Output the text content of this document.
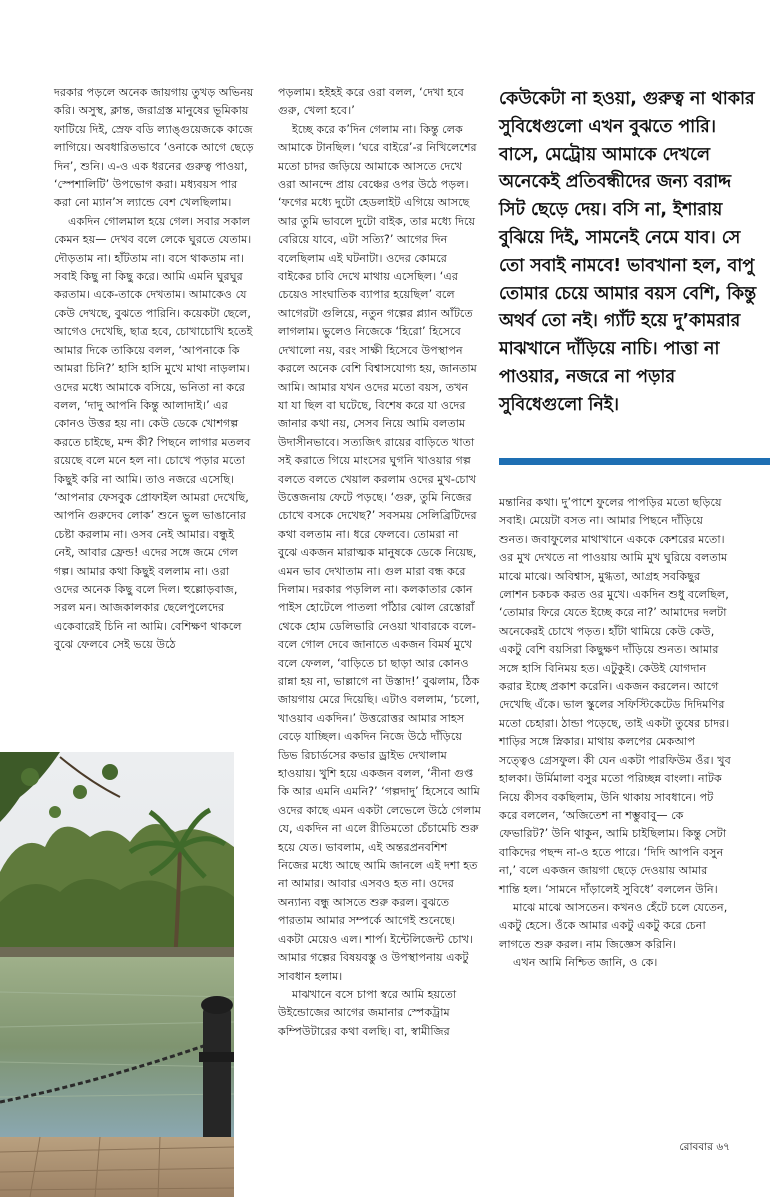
দরকার পড়লে অনেক জায়গায় তুখড় অভিনয় করি। অসুস্থ, ক্লান্ত, জরাগ্রস্ত মানুষের ভূমিকায় ফাটিয়ে দিই, স্রেফ বডি ল্যাঙ্গুয়েজকে কাজে লাগিয়ে। অবধারিতভাবে ‘ওনাকে আগে ছেড়ে দিন’, শুনি। এ-ও এক ধরনের গুরুত্ব পাওয়া, ‘স্পেশালিটি’ উপভোগ করা। মধ্যবয়স পার করা নো ম্যান’স ল্যান্ডে বেশ খেলছিলাম।

একদিন গোলমাল হয়ে গেল। সবার সকাল কেমন হয়— দেখব বলে লেকে ঘুরতে যেতাম। দৌড়তাম না। হাঁটতাম না। বসে থাকতাম না। সবাই কিছু না কিছু করে। আমি এমনি ঘুরঘুর করতাম। একে-তাকে দেখতাম। আমাকেও যে কেউ দেখছে, বুঝতে পারিনি। কয়েকটা ছেলে, আগেও দেখেছি, ছাত্র হবে, চোখাচোখি হতেই আমার দিকে তাকিয়ে বলল, ‘আপনাকে কি আমরা চিনি?’ হাসি হাসি মুখে মাথা নাড়লাম। ওদের মধ্যে আমাকে বসিয়ে, ভনিতা না করে বলল, ‘দাদু আপনি কিন্তু আলাদাই।’ এর কোনও উত্তর হয় না। কেউ ডেকে খোশগল্প করতে চাইছে, মন্দ কী? পিছনে লাগার মতলব রয়েছে বলে মনে হল না। চোখে পড়ার মতো কিছুই করি না আমি। তাও নজরে এসেছি। ‘আপনার ফেসবুক প্রোফাইল আমরা দেখেছি, আপনি গুরুদেব লোক’ শুনে ভুল ভাঙানোর চেষ্টা করলাম না। ওসব নেই আমার। বন্ধুই নেই, আবার ফ্রেন্ড! এদের সঙ্গে জমে গেল গল্প। আমার কথা কিছুই বললাম না। ওরা ওদের অনেক কিছু বলে দিল। হুল্লোড়বাজ, সরল মন। আজকালকার ছেলেপুলেদের একেবারেই চিনি না আমি। বেশিক্ষণ থাকলে বুঝে ফেলবে সেই ভয়ে উঠে

পড়লাম। হইহই করে ওরা বলল, ‘দেখা হবে গুরু, খেলা হবে।’

ইচ্ছে করে ক’দিন গেলাম না। কিন্তু লেক আমাকে টানছিল। ‘ঘরে বাইরে’-র নিখিলেশের মতো চাদর জড়িয়ে আমাকে আসতে দেখে ওরা আনন্দে প্রায় বেঞ্চের ওপর উঠে পড়ল। ‘ফগের মধ্যে দুটো হেডলাইট এগিয়ে আসছে আর তুমি ভাবলে দুটো বাইক, তার মধ্যে দিয়ে বেরিয়ে যাবে, এটা সত্যি?’ আগের দিন বলেছিলাম এই ঘটনাটা। ওদের কোমরে বাইকের চাবি দেখে মাথায় এসেছিল। ‘এর চেয়েও সাংঘাতিক ব্যাপার হয়েছিল’ বলে আগেরটা গুলিয়ে, নতুন গল্পের প্ল্যান আঁটতে লাগলাম। ভুলেও নিজেকে ‘হিরো’ হিসেবে দেখালো নয়, বরং সাক্ষী হিসেবে উপস্থাপন করলে অনেক বেশি বিশ্বাসযোগ্য হয়, জানতাম আমি। আমার যখন ওদের মতো বয়স, তখন যা যা ছিল বা ঘটেছে, বিশেষ করে যা ওদের জানার কথা নয়, সেসব নিয়ে আমি বলতাম উদাসীনভাবে। সত্যজিৎ রায়ের বাড়িতে খাতা সই করাতে গিয়ে মাংসের ঘুগনি খাওয়ার গল্প বলতে বলতে খেয়াল করলাম ওদের মুখ-চোখ উত্তেজনায় ফেটে পড়ছে। ‘গুরু, তুমি নিজের চোখে বসকে দেখেছ?’ সবসময় সেলিব্রিটিদের কথা বলতাম না। ধরে ফেলবে। তোমরা না বুঝে একজন মারাত্মক মানুষকে ডেকে নিয়েছ, এমন ভাব দেখাতাম না। গুল মারা বন্ধ করে দিলাম। দরকার পড়লিল না। কলকাতার কোন পাইস হোটেলে পাতলা পাঁঠার ঝোল রেস্তোরাঁ থেকে হোম ডেলিভারি নেওয়া খাবারকে বলে-বলে গোল দেবে জানাতে একজন বিমর্ষ মুখে বলে ফেলল, ‘বাড়িতে চা ছাড়া আর কোনও রান্না হয় না, ভাল্লাগে না উস্তাদ!’ বুঝলাম, ঠিক জায়গায় মেরে দিয়েছি। এটাও বললাম, ‘চলো, খাওয়াব একদিন।’ উত্তরোত্তর আমার সাহস বেড়ে যাচ্ছিল। একদিন নিজে উঠে দাঁড়িয়ে ডিভ রিচার্ডসের কভার ড্রাইভ দেখালাম হাওয়ায়। খুশি হয়ে একজন বলল, ‘নীনা গুপ্ত কি আর এমনি এমনি?’ ‘গল্পদাদু’ হিসেবে আমি ওদের কাছে এমন একটা লেভেলে উঠে গেলাম যে, একদিন না এলে রীতিমতো চেঁচামেচি শুরু হয়ে যেত। ভাবলাম, এই অন্তরপ্রনবশিশ নিজের মধ্যে আছে আমি জানলে এই দশা হত না আমার। আবার এসবও হত না। ওদের অন্যান্য বন্ধু আসতে শুরু করল। বুঝতে পারতাম আমার সম্পর্কে আগেই শুনেছে। একটা মেয়েও এল। শার্প। ইন্টেলিজেন্ট চোখ। আমার গল্পের বিষয়বস্তু ও উপস্থাপনায় একটু সাবধান হলাম।

মাঝখানে বসে চাপা স্বরে আমি হয়তো উইন্ডোজের আগের জমানার স্পেকট্রাম কম্পিউটারের কথা বলছি। বা, স্বামীজির

কেউকেটা না হওয়া, গুরুত্ব না থাকার সুবিধেগুলো এখন বুঝতে পারি। বাসে, মেট্রোয় আমাকে দেখলে অনেকেই প্রতিবন্ধীদের জন্য বরাদ্দ সিট ছেড়ে দেয়। বসি না, ইশারায় বুঝিয়ে দিই, সামনেই নেমে যাব। সে তো সবাই নামবে! ভাবখানা হল, বাপু তোমার চেয়ে আমার বয়স বেশি, কিন্তু অথর্ব তো নই। গ্যাঁট হয়ে দু’কামরার মাঝখানে দাঁড়িয়ে নাচি। পাত্তা না পাওয়ার, নজরে না পড়ার সুবিধেগুলো নিই।

মন্তানির কথা। দু’পাশে ফুলের পাপড়ির মতো ছড়িয়ে সবাই। মেয়েটা বসত না। আমার পিছনে দাঁড়িয়ে শুনত। জবাফুলের মাথাখানে এককে কেশরের মতো। ওর মুখ দেখতে না পাওয়ায় আমি মুখ ঘুরিয়ে বলতাম মাঝে মাঝে। অবিশ্বাস, মুগ্ধতা, আগ্রহ সবকিছুর লোশন চকচক করত ওর মুখে। একদিন শুধু বলেছিল, ‘তোমার ফিরে যেতে ইচ্ছে করে না?’ আমাদের দলটা অনেকেরই চোখে পড়ত। হাঁটা থামিয়ে কেউ কেউ, একটু বেশি বয়সিরা কিছুক্ষণ দাঁড়িয়ে শুনত। আমার সঙ্গে হাসি বিনিময় হত। এটুকুই। কেউই যোগদান করার ইচ্ছে প্রকাশ করেনি। একজন করলেন। আগে দেখেছি এঁকে। ভাল স্কুলের সফিস্টিকেটেড দিদিমণির মতো চেহারা। ঠান্ডা পড়েছে, তাই একটা তুষের চাদর। শাড়ির সঙ্গে স্নিকার। মাথায় কলপের মেকআপ সত্ত্বেও গ্রেসফুল। কী যেন একটা পারফিউম ওঁর। খুব হালকা। উর্মিমালা বসুর মতো পরিচ্ছন্ন বাংলা। নাটক নিয়ে কীসব বকছিলাম, উনি থাকায় সাবধানে। পট করে বললেন, ‘অজিতেশ না শম্ভুবাবু— কে ফেভারিট?’ উনি থাকুন, আমি চাইছিলাম। কিন্তু সেটা বাকিদের পছন্দ না-ও হতে পারে। ‘দিদি আপনি বসুন না,’ বলে একজন জায়গা ছেড়ে দেওয়ায় আমার শান্তি হল। ‘সামনে দাঁড়ালেই সুবিধে’ বললেন উনি।

মাঝে মাঝে আসতেন। কখনও হেঁটে চলে যেতেন, একটু হেসে। ওঁকে আমার একটু একটু করে চেনা লাগতে শুরু করল। নাম জিজ্ঞেস করিনি।

এখন আমি নিশ্চিত জানি, ও কে।

রোববার ৬৭
